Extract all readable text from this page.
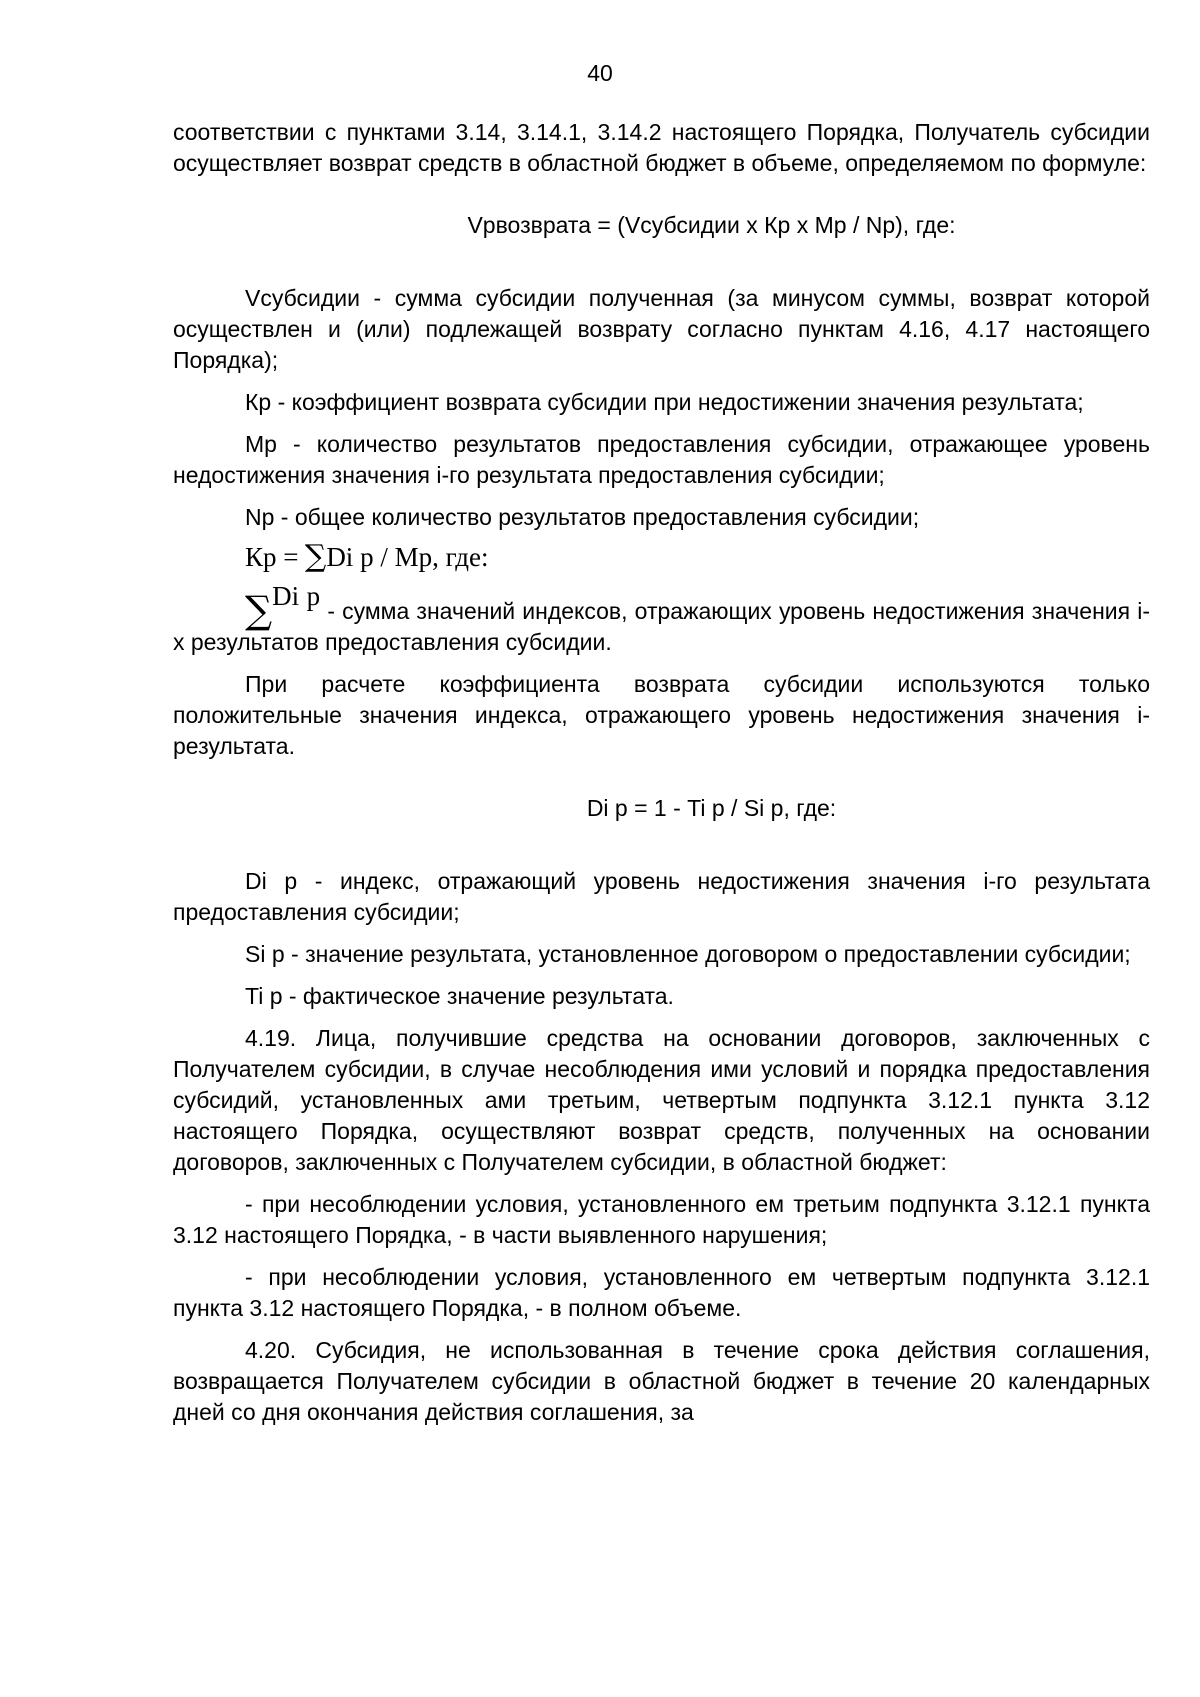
40

соответствии с пунктами 3.14, 3.14.1, 3.14.2 настоящего Порядка, Получатель субсидии осуществляет возврат средств в областной бюджет в объеме, определяемом по формуле:

Vрвозврата = (Vсубсидии x Кр x Мр / Np), где:

Vсубсидии - сумма субсидии полученная (за минусом суммы, возврат которой осуществлен и (или) подлежащей возврату согласно пунктам 4.16, 4.17 настоящего Порядка);

Кр - коэффициент возврата субсидии при недостижении значения результата;

Мр - количество результатов предоставления субсидии, отражающее уровень недостижения значения i-го результата предоставления субсидии;

Np - общее количество результатов предоставления субсидии;

Кр = ∑Di р / Мр, где:

∑Di р - сумма значений индексов, отражающих уровень недостижения значения i-х результатов предоставления субсидии.

При расчете коэффициента возврата субсидии используются только положительные значения индекса, отражающего уровень недостижения значения i-результата.

Di р = 1 - Ti р / Si р, где:

Di р - индекс, отражающий уровень недостижения значения i-го результата предоставления субсидии;

Si р - значение результата, установленное договором о предоставлении субсидии;

Ti р - фактическое значение результата.

4.19. Лица, получившие средства на основании договоров, заключенных с Получателем субсидии, в случае несоблюдения ими условий и порядка предоставления субсидий, установленных ами третьим, четвертым подпункта 3.12.1 пункта 3.12 настоящего Порядка, осуществляют возврат средств, полученных на основании договоров, заключенных с Получателем субсидии, в областной бюджет:

- при несоблюдении условия, установленного ем третьим подпункта 3.12.1 пункта 3.12 настоящего Порядка, - в части выявленного нарушения;

- при несоблюдении условия, установленного ем четвертым подпункта 3.12.1 пункта 3.12 настоящего Порядка, - в полном объеме.

4.20. Субсидия, не использованная в течение срока действия соглашения, возвращается Получателем субсидии в областной бюджет в течение 20 календарных дней со дня окончания действия соглашения, за
